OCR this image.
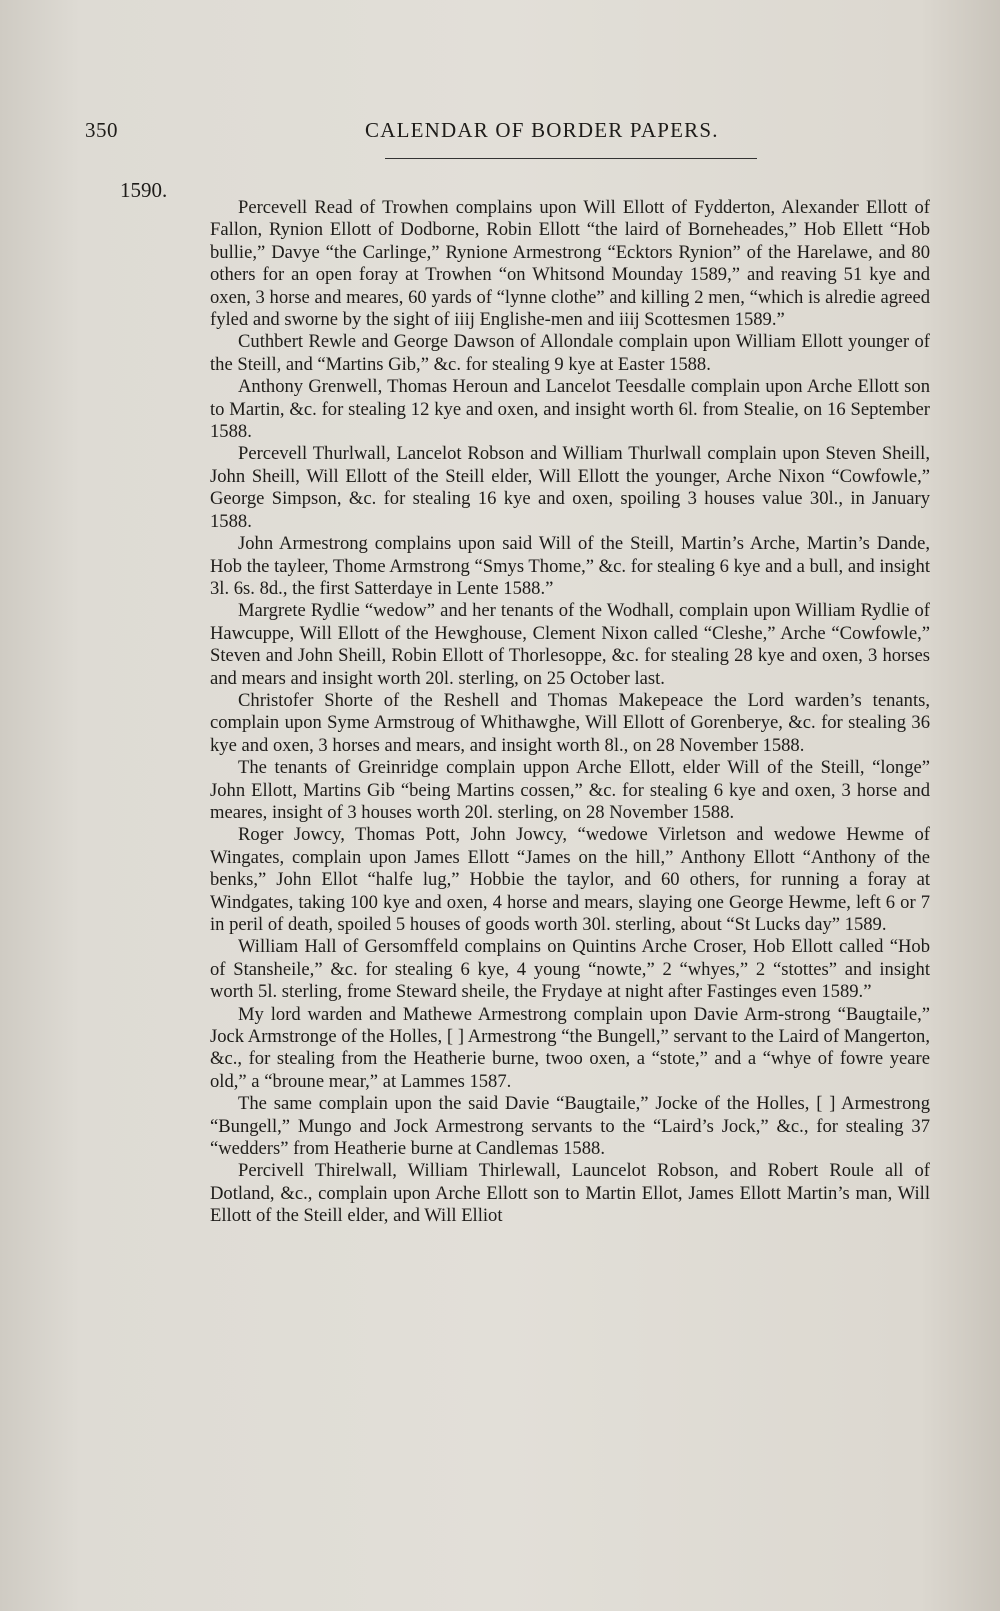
350	CALENDAR OF BORDER PAPERS.
1590.

Percevell Read of Trowhen complains upon Will Ellott of Fydderton, Alexander Ellott of Fallon, Rynion Ellott of Dodborne, Robin Ellott “the laird of Borneheades,” Hob Ellett “Hob bullie,” Davye “the Carlinge,” Rynione Armestrong “Ecktors Rynion” of the Harelawe, and 80 others for an open foray at Trowhen “on Whitsond Mounday 1589,” and reaving 51 kye and oxen, 3 horse and meares, 60 yards of “lynne clothe” and killing 2 men, “which is alredie agreed fyled and sworne by the sight of iiij Englishe-men and iiij Scottesmen 1589.”

Cuthbert Rewle and George Dawson of Allondale complain upon William Ellott younger of the Steill, and “Martins Gib,” &c. for stealing 9 kye at Easter 1588.

Anthony Grenwell, Thomas Heroun and Lancelot Teesdalle complain upon Arche Ellott son to Martin, &c. for stealing 12 kye and oxen, and insight worth 6l. from Stealie, on 16 September 1588.

Percevell Thurlwall, Lancelot Robson and William Thurlwall complain upon Steven Sheill, John Sheill, Will Ellott of the Steill elder, Will Ellott the younger, Arche Nixon “Cowfowle,” George Simpson, &c. for stealing 16 kye and oxen, spoiling 3 houses value 30l., in January 1588.

John Armestrong complains upon said Will of the Steill, Martin’s Arche, Martin’s Dande, Hob the tayleer, Thome Armstrong “Smys Thome,” &c. for stealing 6 kye and a bull, and insight 3l. 6s. 8d., the first Satterdaye in Lente 1588.”

Margrete Rydlie “wedow” and her tenants of the Wodhall, complain upon William Rydlie of Hawcuppe, Will Ellott of the Hewghouse, Clement Nixon called “Cleshe,” Arche “Cowfowle,” Steven and John Sheill, Robin Ellott of Thorlesoppe, &c. for stealing 28 kye and oxen, 3 horses and mears and insight worth 20l. sterling, on 25 October last.

Christofer Shorte of the Reshell and Thomas Makepeace the Lord warden’s tenants, complain upon Syme Armstroug of Whithawghe, Will Ellott of Gorenberye, &c. for stealing 36 kye and oxen, 3 horses and mears, and insight worth 8l., on 28 November 1588.

The tenants of Greinridge complain uppon Arche Ellott, elder Will of the Steill, “longe” John Ellott, Martins Gib “being Martins cossen,” &c. for stealing 6 kye and oxen, 3 horse and meares, insight of 3 houses worth 20l. sterling, on 28 November 1588.

Roger Jowcy, Thomas Pott, John Jowcy, “wedowe Virletson and wedowe Hewme of Wingates, complain upon James Ellott “James on the hill,” Anthony Ellott “Anthony of the benks,” John Ellot “halfe lug,” Hobbie the taylor, and 60 others, for running a foray at Windgates, taking 100 kye and oxen, 4 horse and mears, slaying one George Hewme, left 6 or 7 in peril of death, spoiled 5 houses of goods worth 30l. sterling, about “St Lucks day” 1589.

William Hall of Gersomffeld complains on Quintins Arche Croser, Hob Ellott called “Hob of Stansheile,” &c. for stealing 6 kye, 4 young “nowte,” 2 “whyes,” 2 “stottes” and insight worth 5l. sterling, frome Steward sheile, the Frydaye at night after Fastinges even 1589.”

My lord warden and Mathewe Armestrong complain upon Davie Arm-strong “Baugtaile,” Jock Armstronge of the Holles, [ ] Armestrong “the Bungell,” servant to the Laird of Mangerton, &c., for stealing from the Heatherie burne, twoo oxen, a “stote,” and a “whye of fowre yeare old,” a “broune mear,” at Lammes 1587.

The same complain upon the said Davie “Baugtaile,” Jocke of the Holles, [ ] Armestrong “Bungell,” Mungo and Jock Armestrong servants to the “Laird’s Jock,” &c., for stealing 37 “wedders” from Heatherie burne at Candlemas 1588.

Percivell Thirelwall, William Thirlewall, Launcelot Robson, and Robert Roule all of Dotland, &c., complain upon Arche Ellott son to Martin Ellot, James Ellott Martin’s man, Will Ellott of the Steill elder, and Will Elliot
